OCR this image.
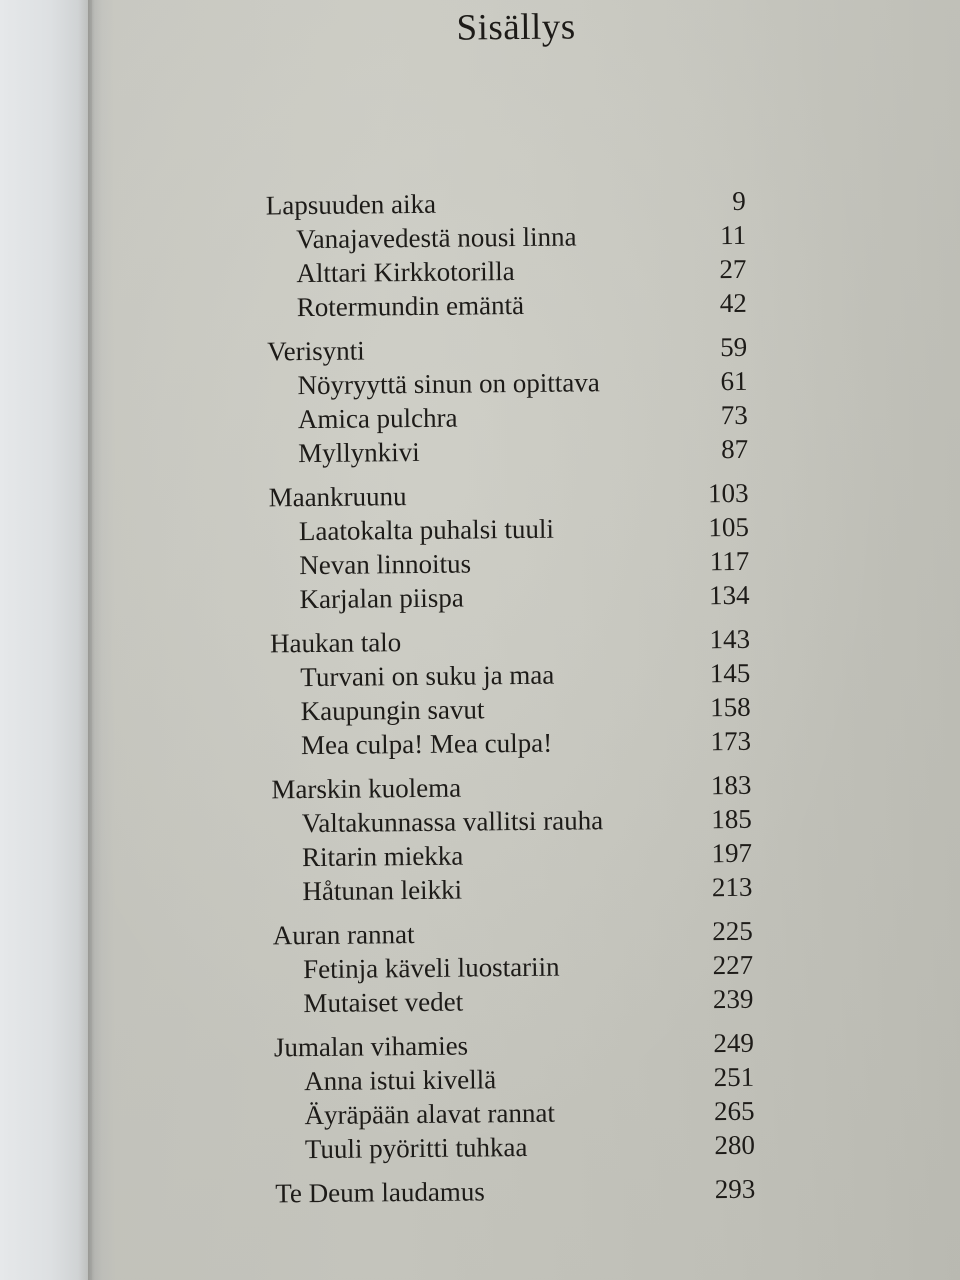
Sisällys
Lapsuuden aika	9
Vanajavedestä nousi linna	11
Alttari Kirkkotorilla	27
Rotermundin emäntä	42
Verisynti	59
Nöyryyttä sinun on opittava	61
Amica pulchra	73
Myllynkivi	87
Maankruunu	103
Laatokalta puhalsi tuuli	105
Nevan linnoitus	117
Karjalan piispa	134
Haukan talo	143
Turvani on suku ja maa	145
Kaupungin savut	158
Mea culpa! Mea culpa!	173
Marskin kuolema	183
Valtakunnassa vallitsi rauha	185
Ritarin miekka	197
Håtunan leikki	213
Auran rannat	225
Fetinja käveli luostariin	227
Mutaiset vedet	239
Jumalan vihamies	249
Anna istui kivellä	251
Äyräpään alavat rannat	265
Tuuli pyöritti tuhkaa	280
Te Deum laudamus	293
